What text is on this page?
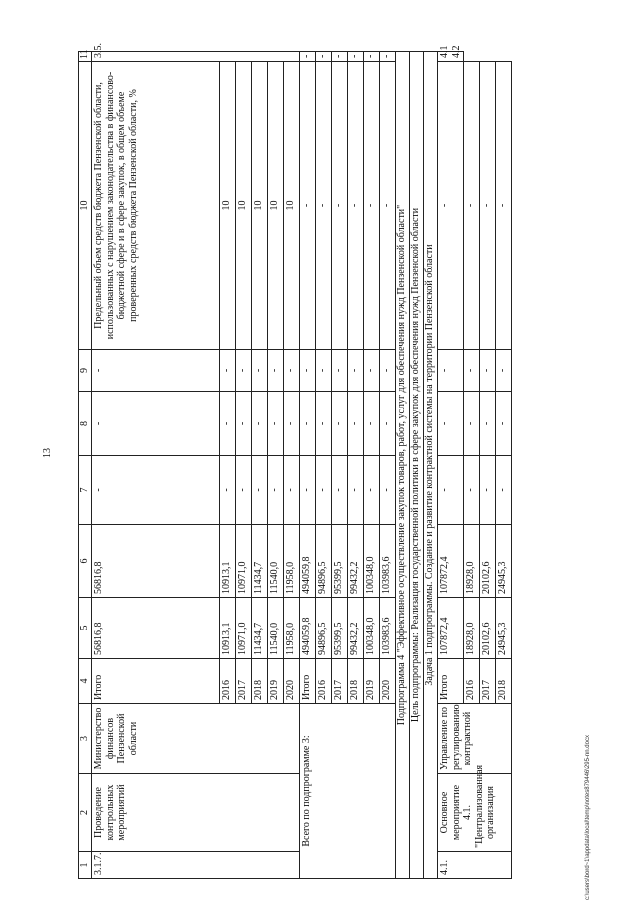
13
1	2	3	4	5	6	7	8	9	10	11
3.1.7.	Проведение контрольных мероприятий	Министерство финансов Пензенской области	Итого	56816,8	56816,8	-	-	-	Предельный объем средств бюджета Пензенской области, использованных с нарушением законодательства в финансово-бюджетной сфере и в сфере закупок, в общем объеме проверенных средств бюджета Пензенской области, %	3.5.
			2016	10913,1	10913,1	-	-	-	10	
			2017	10971,0	10971,0	-	-	-	10	
			2018	11434,7	11434,7	-	-	-	10	
			2019	11540,0	11540,0	-	-	-	10	
			2020	11958,0	11958,0	-	-	-	10	
Всего по подпрограмме 3:			Итого	494059,8	494059,8	-	-	-	-	-
			2016	94896,5	94896,5	-	-	-	-	-
			2017	95399,5	95399,5	-	-	-	-	-
			2018	99432,2	99432,2	-	-	-	-	-
			2019	100348,0	100348,0	-	-	-	-	-
			2020	103983,6	103983,6	-	-	-	-	-
Подпрограмма 4 "Эффективное осуществление закупок товаров, работ, услуг для обеспечения нужд Пензенской области"										
Цель подпрограммы: Реализация государственной политики в сфере закупок для обеспечения нужд Пензенской области										
Задача 1 подпрограммы. Создание и развитие контрактной системы на территории Пензенской области										
4.1.	Основное мероприятие 4.1. "Централизованная организация	Управление по регулированию контрактной	Итого	107872,4	107872,4	-	-	-	-	4.1 4.2
			2016	18928,0	18928,0	-	-	-	-	
			2017	20102,6	20102,6	-	-	-	-	
			2018	24945,3	24945,3	-	-	-	-	
c:\users\bord~1\appdata\local\temp\notes879446\295-nn.docx
